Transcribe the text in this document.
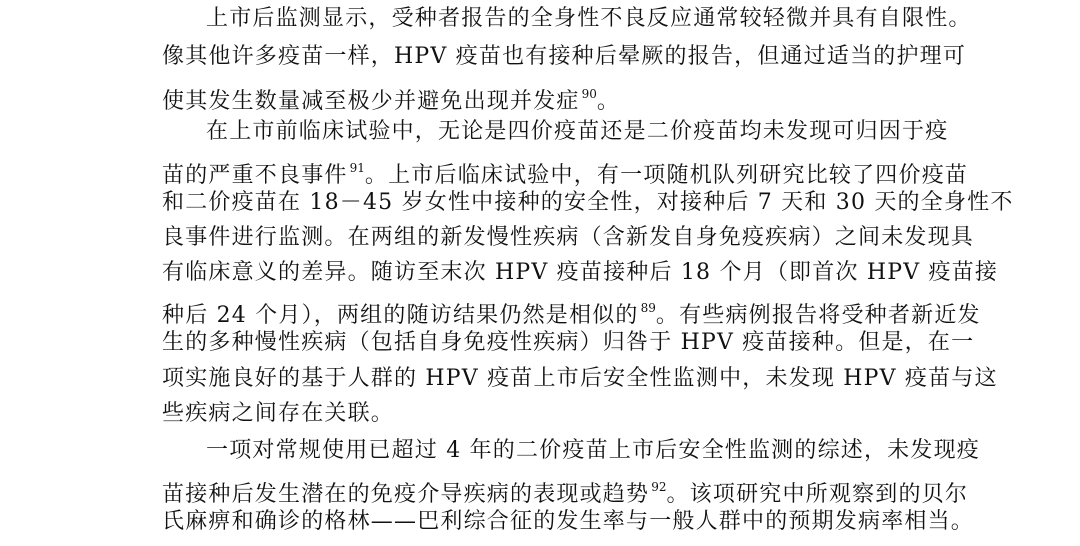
上市后监测显示，受种者报告的全身性不良反应通常较轻微并具有自限性。
像其他许多疫苗一样，HPV 疫苗也有接种后晕厥的报告，但通过适当的护理可
使其发生数量减至极少并避免出现并发症 $^{90}$。
在上市前临床试验中，无论是四价疫苗还是二价疫苗均未发现可归因于疫
苗的严重不良事件 $^{91}$。上市后临床试验中，有一项随机队列研究比较了四价疫苗
和二价疫苗在 18－45 岁女性中接种的安全性，对接种后 7 天和 30 天的全身性不
良事件进行监测。在两组的新发慢性疾病（含新发自身免疫疾病）之间未发现具
有临床意义的差异。随访至末次 HPV 疫苗接种后 18 个月（即首次 HPV 疫苗接
种后 24 个月），两组的随访结果仍然是相似的 $^{89}$。有些病例报告将受种者新近发
生的多种慢性疾病（包括自身免疫性疾病）归咎于 HPV 疫苗接种。但是，在一
项实施良好的基于人群的 HPV 疫苗上市后安全性监测中，未发现 HPV 疫苗与这
些疾病之间存在关联。
一项对常规使用已超过 4 年的二价疫苗上市后安全性监测的综述，未发现疫
苗接种后发生潜在的免疫介导疾病的表现或趋势 $^{92}$。该项研究中所观察到的贝尔
氏麻痹和确诊的格林——巴利综合征的发生率与一般人群中的预期发病率相当。
